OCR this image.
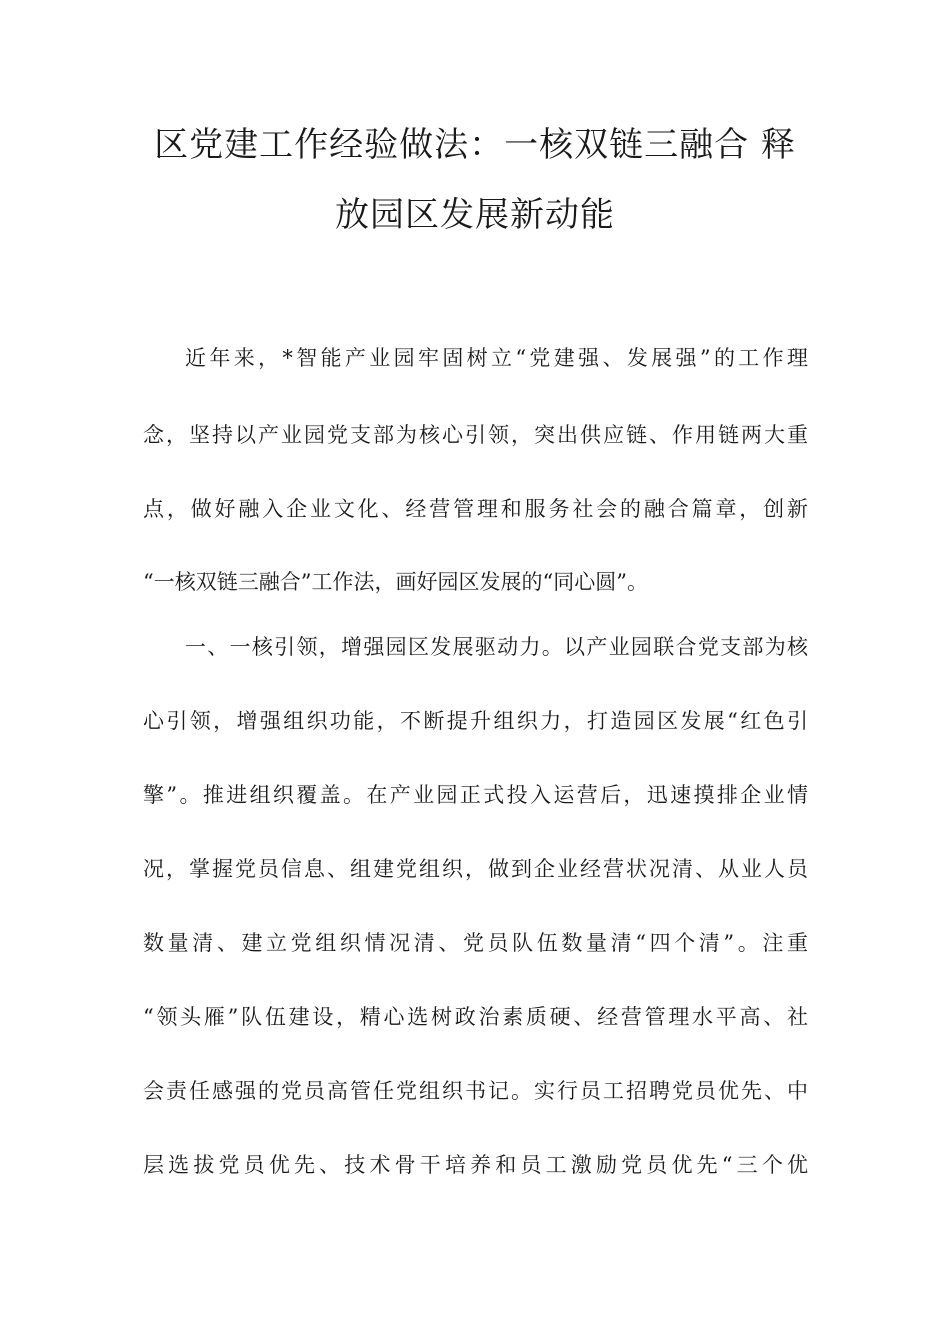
区党建工作经验做法：一核双链三融合 释
放园区发展新动能

近年来，*智能产业园牢固树立“党建强、发展强”的工作理

念，坚持以产业园党支部为核心引领，突出供应链、作用链两大重

点，做好融入企业文化、经营管理和服务社会的融合篇章，创新

“一核双链三融合”工作法，画好园区发展的“同心圆”。

一、一核引领，增强园区发展驱动力。以产业园联合党支部为核

心引领，增强组织功能，不断提升组织力，打造园区发展“红色引

擎”。推进组织覆盖。在产业园正式投入运营后，迅速摸排企业情

况，掌握党员信息、组建党组织，做到企业经营状况清、从业人员

数量清、建立党组织情况清、党员队伍数量清“四个清”。注重

“领头雁”队伍建设，精心选树政治素质硬、经营管理水平高、社

会责任感强的党员高管任党组织书记。实行员工招聘党员优先、中

层选拔党员优先、技术骨干培养和员工激励党员优先“三个优
